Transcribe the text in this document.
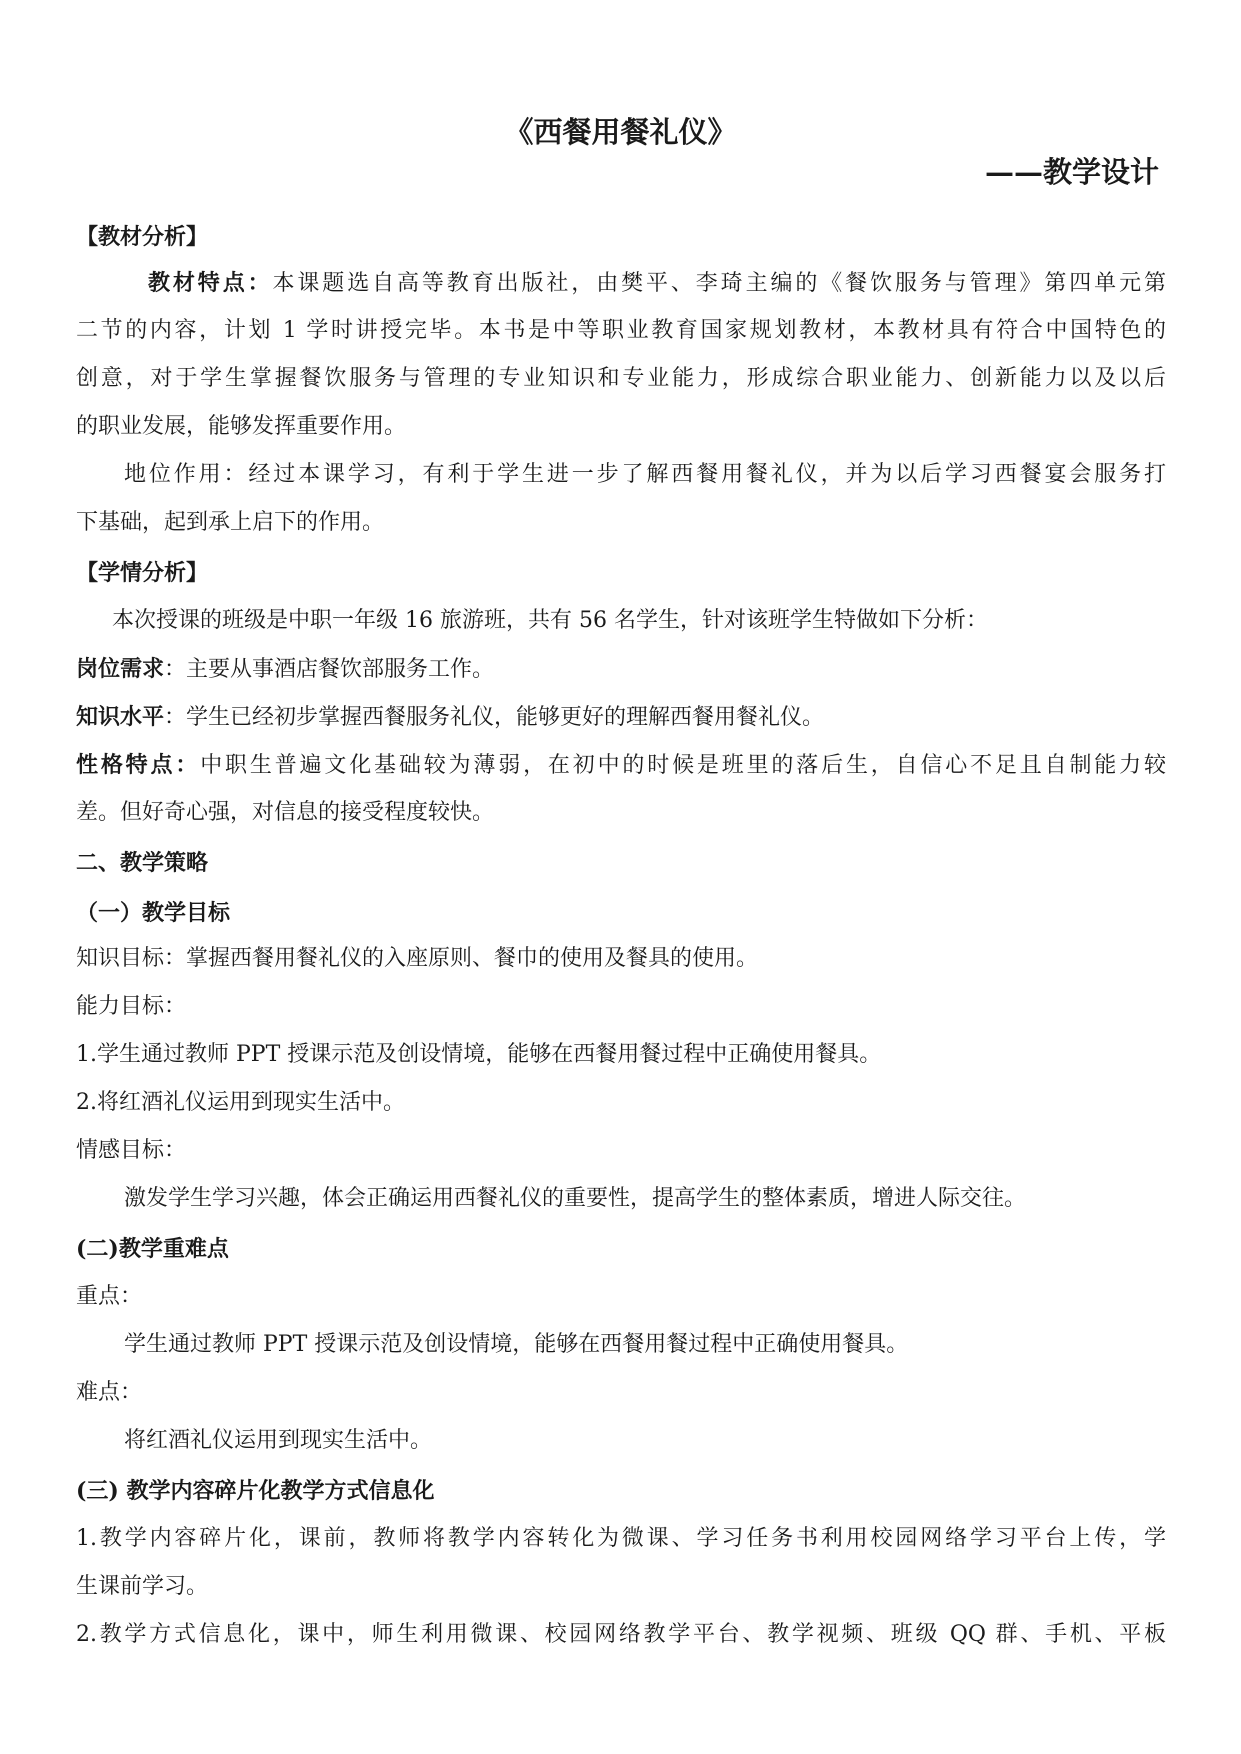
《西餐用餐礼仪》
——教学设计
【教材分析】
教材特点：本课题选自高等教育出版社，由樊平、李琦主编的《餐饮服务与管理》第四单元第
二节的内容，计划 1 学时讲授完毕。本书是中等职业教育国家规划教材，本教材具有符合中国特色的
创意，对于学生掌握餐饮服务与管理的专业知识和专业能力，形成综合职业能力、创新能力以及以后
的职业发展，能够发挥重要作用。
地位作用：经过本课学习，有利于学生进一步了解西餐用餐礼仪，并为以后学习西餐宴会服务打
下基础，起到承上启下的作用。
【学情分析】
本次授课的班级是中职一年级 16 旅游班，共有 56 名学生，针对该班学生特做如下分析：
岗位需求：主要从事酒店餐饮部服务工作。
知识水平：学生已经初步掌握西餐服务礼仪，能够更好的理解西餐用餐礼仪。
性格特点：中职生普遍文化基础较为薄弱，在初中的时候是班里的落后生，自信心不足且自制能力较
差。但好奇心强，对信息的接受程度较快。
二、教学策略
（一）教学目标
知识目标：掌握西餐用餐礼仪的入座原则、餐巾的使用及餐具的使用。
能力目标：
1.学生通过教师 PPT 授课示范及创设情境，能够在西餐用餐过程中正确使用餐具。
2.将红酒礼仪运用到现实生活中。
情感目标：
激发学生学习兴趣，体会正确运用西餐礼仪的重要性，提高学生的整体素质，增进人际交往。
(二)教学重难点
重点：
学生通过教师 PPT 授课示范及创设情境，能够在西餐用餐过程中正确使用餐具。
难点：
将红酒礼仪运用到现实生活中。
(三) 教学内容碎片化教学方式信息化
1.教学内容碎片化，课前，教师将教学内容转化为微课、学习任务书利用校园网络学习平台上传，学
生课前学习。
2.教学方式信息化，课中，师生利用微课、校园网络教学平台、教学视频、班级 QQ 群、手机、平板
